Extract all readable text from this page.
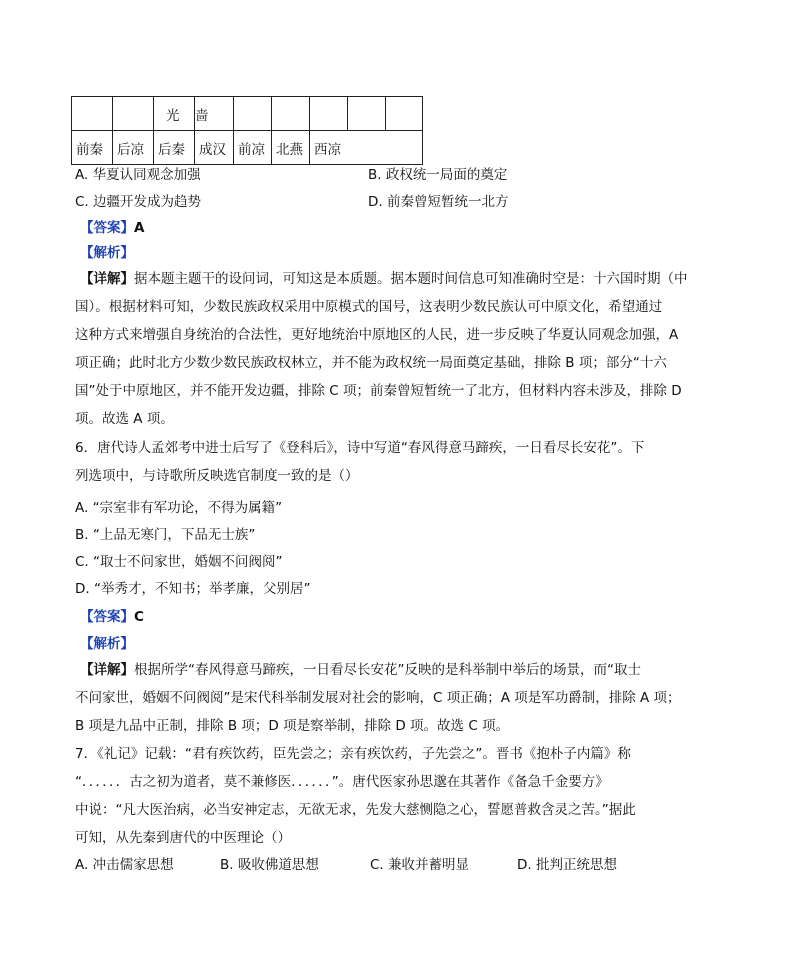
		光	啬					

前秦	后凉	后秦	成汉	前凉	北燕	西凉		
A. 华夏认同观念加强	B. 政权统一局面的奠定
C. 边疆开发成为趋势	D. 前秦曾短暂统一北方
【答案】A
【解析】
【详解】据本题主题干的设问词，可知这是本质题。据本题时间信息可知准确时空是：十六国时期（中
国）。根据材料可知，少数民族政权采用中原模式的国号，这表明少数民族认可中原文化，希望通过
这种方式来增强自身统治的合法性，更好地统治中原地区的人民，进一步反映了华夏认同观念加强，A
项正确；此时北方少数少数民族政权林立，并不能为政权统一局面奠定基础，排除 B 项；部分“十六
国”处于中原地区，并不能开发边疆，排除 C 项；前秦曾短暂统一了北方，但材料内容未涉及，排除 D
项。故选 A 项。
6．唐代诗人孟郊考中进士后写了《登科后》，诗中写道“春风得意马蹄疾，一日看尽长安花”。下
列选项中，与诗歌所反映选官制度一致的是（）
A. “宗室非有军功论，不得为属籍”
B. “上品无寒门，下品无士族”
C. “取士不问家世，婚姻不问阀阅”
D. “举秀才，不知书；举孝廉，父别居”
【答案】C
【解析】
【详解】根据所学“春风得意马蹄疾，一日看尽长安花”反映的是科举制中举后的场景，而“取士
不问家世，婚姻不问阀阅”是宋代科举制发展对社会的影响，C 项正确；A 项是军功爵制，排除 A 项；
B 项是九品中正制，排除 B 项；D 项是察举制，排除 D 项。故选 C 项。
7．《礼记》记载：“君有疾饮药，臣先尝之；亲有疾饮药，子先尝之”。晋书《抱朴子内篇》称
“．．．．．．古之初为道者，莫不兼修医．．．．．．”。唐代医家孙思邈在其著作《备急千金要方》
中说：“凡大医治病，必当安神定志，无欲无求，先发大慈恻隐之心，誓愿普救含灵之苦。”据此
可知，从先秦到唐代的中医理论（）
A. 冲击儒家思想	B. 吸收佛道思想	C. 兼收并蓄明显	D. 批判正统思想
